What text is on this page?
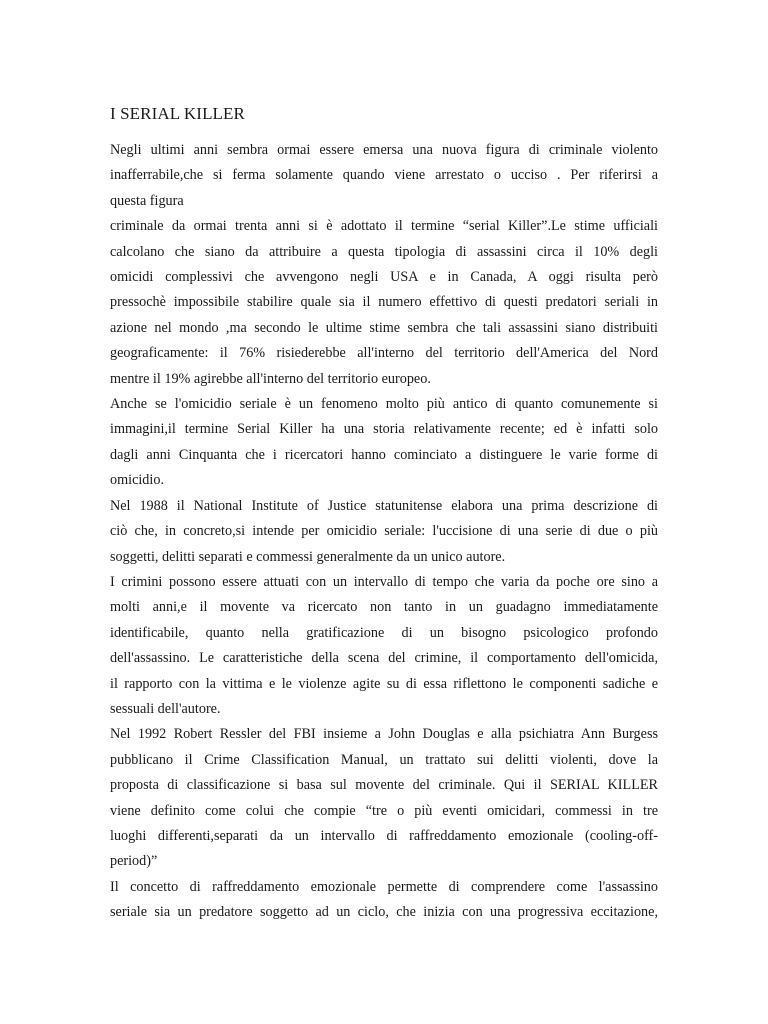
I SERIAL KILLER
Negli ultimi anni sembra ormai essere emersa una nuova figura di criminale violento
inafferrabile,che si ferma solamente quando viene arrestato o ucciso . Per riferirsi a
questa figura
criminale da ormai trenta anni si è adottato il termine “serial Killer”.Le stime ufficiali
calcolano che siano da attribuire a questa tipologia di assassini circa il 10% degli
omicidi complessivi che avvengono negli USA e in Canada, A oggi risulta però
pressochè impossibile stabilire quale sia il numero effettivo di questi predatori seriali in
azione nel mondo ,ma secondo le ultime stime sembra che tali assassini siano distribuiti
geograficamente: il 76% risiederebbe all'interno del territorio dell'America del Nord
mentre il 19% agirebbe all'interno del territorio europeo.
Anche se l'omicidio seriale è un fenomeno molto più antico di quanto comunemente si
immagini,il termine Serial Killer ha una storia relativamente recente; ed è infatti solo
dagli anni Cinquanta che i ricercatori hanno cominciato a distinguere le varie forme di
omicidio.
Nel 1988 il National Institute of Justice statunitense elabora una prima descrizione di
ciò che, in concreto,si intende per omicidio seriale: l'uccisione di una serie di due o più
soggetti, delitti separati e commessi generalmente da un unico autore.
I crimini possono essere attuati con un intervallo di tempo che varia da poche ore sino a
molti anni,e il movente va ricercato non tanto in un guadagno immediatamente
identificabile, quanto nella gratificazione di un bisogno psicologico profondo
dell'assassino. Le caratteristiche della scena del crimine, il comportamento dell'omicida,
il rapporto con la vittima e le violenze agite su di essa riflettono le componenti sadiche e
sessuali dell'autore.
Nel 1992 Robert Ressler del FBI insieme a John Douglas e alla psichiatra Ann Burgess
pubblicano il Crime Classification Manual, un trattato sui delitti violenti, dove la
proposta di classificazione si basa sul movente del criminale. Qui il SERIAL KILLER
viene definito come colui che compie “tre o più eventi omicidari, commessi in tre
luoghi differenti,separati da un intervallo di raffreddamento emozionale (cooling-off-
period)”
Il concetto di raffreddamento emozionale permette di comprendere come l'assassino
seriale sia un predatore soggetto ad un ciclo, che inizia con una progressiva eccitazione,
